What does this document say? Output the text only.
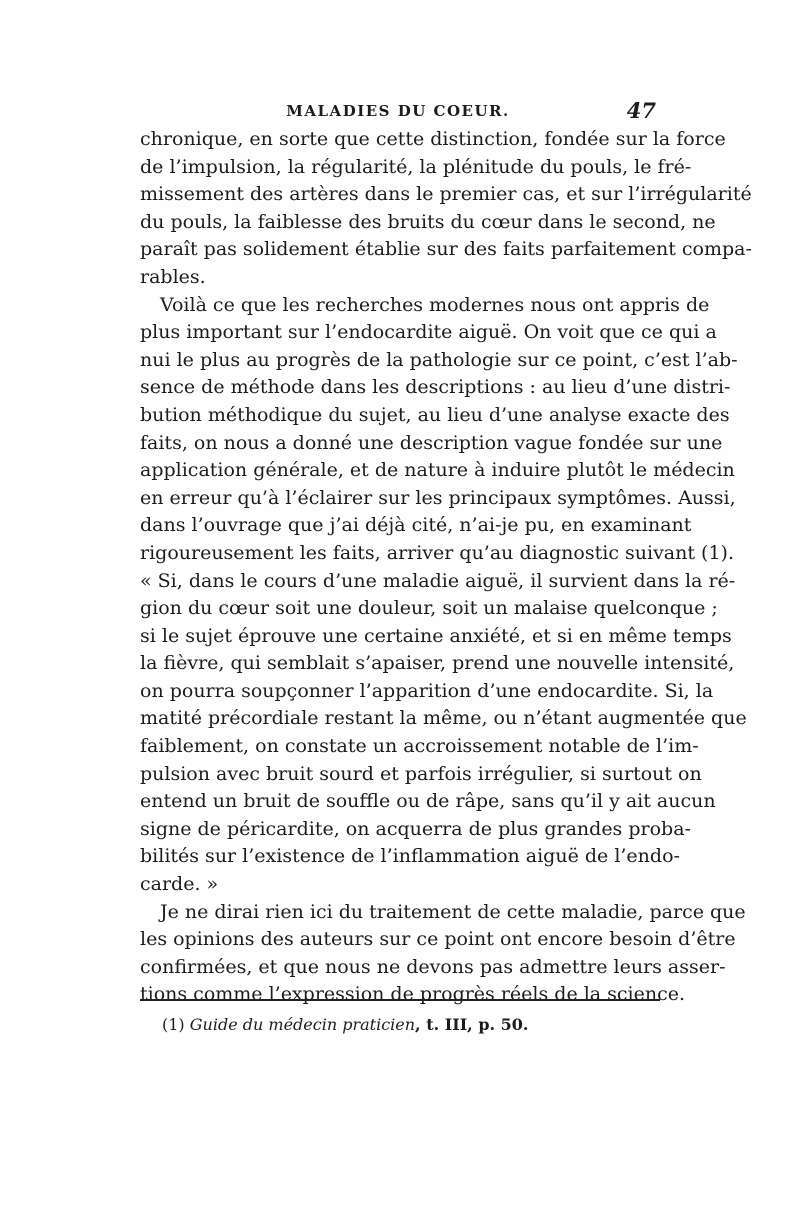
MALADIES DU COEUR.	47
chronique, en sorte que cette distinction, fondée sur la force
de l’impulsion, la régularité, la plénitude du pouls, le fré-
missement des artères dans le premier cas, et sur l’irrégularité
du pouls, la faiblesse des bruits du cœur dans le second, ne
paraît pas solidement établie sur des faits parfaitement compa-
rables.
Voilà ce que les recherches modernes nous ont appris de
plus important sur l’endocardite aiguë. On voit que ce qui a
nui le plus au progrès de la pathologie sur ce point, c’est l’ab-
sence de méthode dans les descriptions : au lieu d’une distri-
bution méthodique du sujet, au lieu d’une analyse exacte des
faits, on nous a donné une description vague fondée sur une
application générale, et de nature à induire plutôt le médecin
en erreur qu’à l’éclairer sur les principaux symptômes. Aussi,
dans l’ouvrage que j’ai déjà cité, n’ai-je pu, en examinant
rigoureusement les faits, arriver qu’au diagnostic suivant (1).
« Si, dans le cours d’une maladie aiguë, il survient dans la ré-
gion du cœur soit une douleur, soit un malaise quelconque ;
si le sujet éprouve une certaine anxiété, et si en même temps
la fièvre, qui semblait s’apaiser, prend une nouvelle intensité,
on pourra soupçonner l’apparition d’une endocardite. Si, la
matité précordiale restant la même, ou n’étant augmentée que
faiblement, on constate un accroissement notable de l’im-
pulsion avec bruit sourd et parfois irrégulier, si surtout on
entend un bruit de souffle ou de râpe, sans qu’il y ait aucun
signe de péricardite, on acquerra de plus grandes proba-
bilités sur l’existence de l’inflammation aiguë de l’endo-
carde. »
Je ne dirai rien ici du traitement de cette maladie, parce que
les opinions des auteurs sur ce point ont encore besoin d’être
confirmées, et que nous ne devons pas admettre leurs asser-
tions comme l’expression de progrès réels de la science.
(1) Guide du médecin praticien, t. III, p. 50.
